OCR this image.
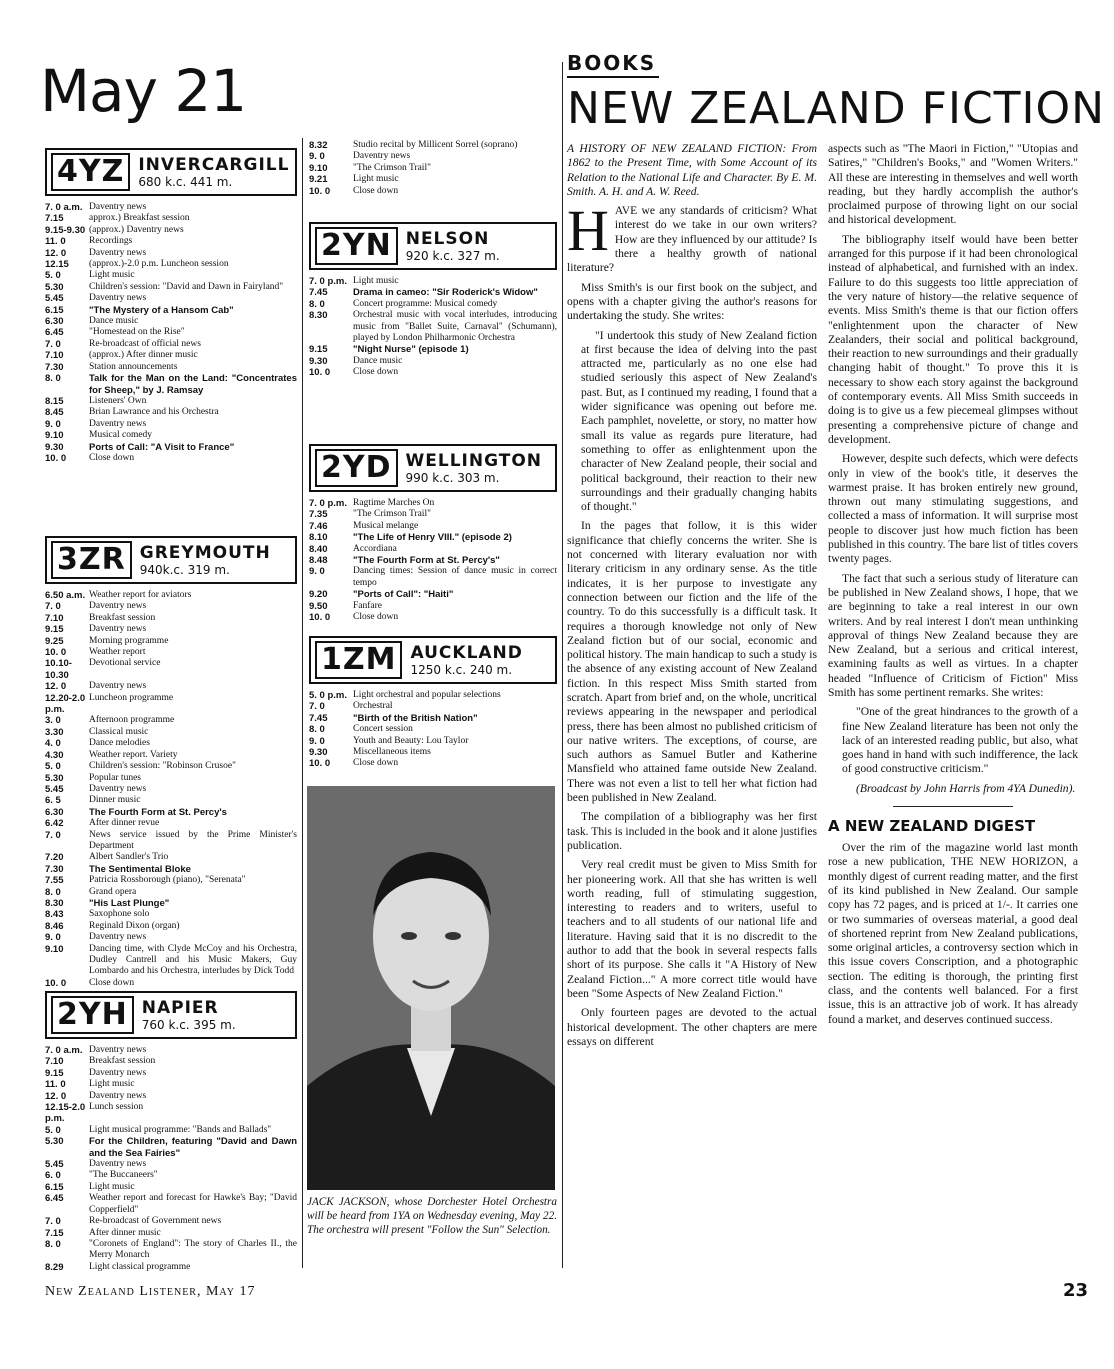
May 21
4YZ INVERCARGILL
680 k.c. 441 m.
7. 0 a.m. Daventry news
7.15	approx.) Breakfast session
9.15-9.30 (approx.) Daventry news
11. 0	Recordings
12. 0	Daventry news
12.15	(approx.)-2.0 p.m. Luncheon session
5. 0	Light music
5.30	Children's session: "David and Dawn in Fairyland"
5.45	Daventry news
6.15	"The Mystery of a Hansom Cab"
6.30	Dance music
6.45	"Homestead on the Rise"
7. 0	Re-broadcast of official news
7.10	(approx.) After dinner music
7.30	Station announcements
8. 0	Talk for the Man on the Land: "Concentrates for Sheep," by J. Ramsay
8.15	Listeners' Own
8.45	Brian Lawrance and his Orchestra
9. 0	Daventry news
9.10	Musical comedy
9.30	Ports of Call: "A Visit to France"
10. 0	Close down
3ZR GREYMOUTH
940k.c. 319 m.
6.50 a.m. Weather report for aviators
7. 0	Daventry news
7.10	Breakfast session
9.15	Daventry news
9.25	Morning programme
10. 0	Weather report
10.10-10.30
Devotional service
12. 0	Daventry news
12.20-2.0 p.m.
Luncheon programme
3. 0	Afternoon programme
3.30	Classical music
4. 0	Dance melodies
4.30	Weather report. Variety
5. 0	Children's session: "Robinson Crusoe"
5.30	Popular tunes
5.45	Daventry news
6. 5	Dinner music
6.30	The Fourth Form at St. Percy's
6.42	After dinner revue
7. 0	News service issued by the Prime Minister's Department
7.20	Albert Sandler's Trio
7.30	The Sentimental Bloke
7.55	Patricia Rossborough (piano), "Serenata"
8. 0	Grand opera
8.30	"His Last Plunge"
8.43	Saxophone solo
8.46	Reginald Dixon (organ)
9. 0	Daventry news
9.10	Dancing time, with Clyde McCoy and his Orchestra, Dudley Cantrell and his Music Makers, Guy Lombardo and his Orchestra, interludes by Dick Todd
10. 0	Close down
2YH NAPIER
760 k.c. 395 m.
7. 0 a.m. Daventry news
7.10	Breakfast session
9.15	Daventry news
11. 0	Light music
12. 0	Daventry news
12.15-2.0 p.m.
Lunch session
5. 0	Light musical programme: "Bands and Ballads"
5.30	For the Children, featuring "David and Dawn and the Sea Fairies"
5.45	Daventry news
6. 0	"The Buccaneers"
6.15	Light music
6.45	Weather report and forecast for Hawke's Bay; "David Copperfield"
7. 0	Re-broadcast of Government news
7.15	After dinner music
8. 0	"Coronets of England": The story of Charles II., the Merry Monarch
8.29	Light classical programme
8.32	Studio recital by Millicent Sorrel (soprano)
9. 0	Daventry news
9.10	"The Crimson Trail"
9.21	Light music
10. 0	Close down
2YN NELSON
920 k.c. 327 m.
7. 0 p.m. Light music
7.45	Drama in cameo: "Sir Roderick's Widow"
8. 0	Concert programme: Musical comedy
8.30	Orchestral music with vocal interludes, introducing music from "Ballet Suite, Carnaval" (Schumann), played by London Philharmonic Orchestra
9.15	"Night Nurse" (episode 1)
9.30	Dance music
10. 0	Close down
2YD WELLINGTON
990 k.c. 303 m.
7. 0 p.m. Ragtime Marches On
7.35	"The Crimson Trail"
7.46	Musical melange
8.10	"The Life of Henry VIII." (episode 2)
8.40	Accordiana
8.48	"The Fourth Form at St. Percy's"
9. 0	Dancing times: Session of dance music in correct tempo
9.20	"Ports of Call": "Haiti"
9.50	Fanfare
10. 0	Close down
1ZM AUCKLAND
1250 k.c. 240 m.
5. 0 p.m. Light orchestral and popular selections
7. 0	Orchestral
7.45	"Birth of the British Nation"
8. 0	Concert session
9. 0	Youth and Beauty: Lou Taylor
9.30	Miscellaneous items
10. 0	Close down
JACK JACKSON, whose Dorchester Hotel Orchestra will be heard from 1YA on Wednesday evening, May 22. The orchestra will present "Follow the Sun" Selection.
BOOKS
NEW ZEALAND FICTION

A HISTORY OF NEW ZEALAND FICTION: From 1862 to the Present Time, with Some Account of its Relation to the National Life and Character. By E. M. Smith. A. H. and A. W. Reed.

HAVE we any standards of criticism? What interest do we take in our own writers? How are they influenced by our attitude? Is there a healthy growth of national literature?

Miss Smith's is our first book on the subject, and opens with a chapter giving the author's reasons for undertaking the study. She writes:

"I undertook this study of New Zealand fiction at first because the idea of delving into the past attracted me, particularly as no one else had studied seriously this aspect of New Zealand's past. But, as I continued my reading, I found that a wider significance was opening out before me. Each pamphlet, novelette, or story, no matter how small its value as regards pure literature, had something to offer as enlightenment upon the character of New Zealand people, their social and political background, their reaction to their new surroundings and their gradually changing habits of thought."

In the pages that follow, it is this wider significance that chiefly concerns the writer. She is not concerned with literary evaluation nor with literary criticism in any ordinary sense. As the title indicates, it is her purpose to investigate any connection between our fiction and the life of the country. To do this successfully is a difficult task. It requires a thorough knowledge not only of New Zealand fiction but of our social, economic and political history. The main handicap to such a study is the absence of any existing account of New Zealand fiction. In this respect Miss Smith started from scratch. Apart from brief and, on the whole, uncritical reviews appearing in the newspaper and periodical press, there has been almost no published criticism of our native writers. The exceptions, of course, are such authors as Samuel Butler and Katherine Mansfield who attained fame outside New Zealand. There was not even a list to tell her what fiction had been published in New Zealand.

The compilation of a bibliography was her first task. This is included in the book and it alone justifies publication.

Very real credit must be given to Miss Smith for her pioneering work. All that she has written is well worth reading, full of stimulating suggestion, interesting to readers and to writers, useful to teachers and to all students of our national life and literature. Having said that it is no discredit to the author to add that the book in several respects falls short of its purpose. She calls it "A History of New Zealand Fiction..." A more correct title would have been "Some Aspects of New Zealand Fiction."

Only fourteen pages are devoted to the actual historical development. The other chapters are mere essays on different

aspects such as "The Maori in Fiction," "Utopias and Satires," "Children's Books," and "Women Writers." All these are interesting in themselves and well worth reading, but they hardly accomplish the author's proclaimed purpose of throwing light on our social and historical development.

The bibliography itself would have been better arranged for this purpose if it had been chronological instead of alphabetical, and furnished with an index. Failure to do this suggests too little appreciation of the very nature of history—the relative sequence of events. Miss Smith's theme is that our fiction offers "enlightenment upon the character of New Zealanders, their social and political background, their reaction to new surroundings and their gradually changing habit of thought." To prove this it is necessary to show each story against the background of contemporary events. All Miss Smith succeeds in doing is to give us a few piecemeal glimpses without presenting a comprehensive picture of change and development.

However, despite such defects, which were defects only in view of the book's title, it deserves the warmest praise. It has broken entirely new ground, thrown out many stimulating suggestions, and collected a mass of information. It will surprise most people to discover just how much fiction has been published in this country. The bare list of titles covers twenty pages.

The fact that such a serious study of literature can be published in New Zealand shows, I hope, that we are beginning to take a real interest in our own writers. And by real interest I don't mean unthinking approval of things New Zealand because they are New Zealand, but a serious and critical interest, examining faults as well as virtues. In a chapter headed "Influence of Criticism of Fiction" Miss Smith has some pertinent remarks. She writes:

"One of the great hindrances to the growth of a fine New Zealand literature has been not only the lack of an interested reading public, but also, what goes hand in hand with such indifference, the lack of good constructive criticism."

(Broadcast by John Harris from 4YA Dunedin).

A NEW ZEALAND DIGEST

Over the rim of the magazine world last month rose a new publication, THE NEW HORIZON, a monthly digest of current reading matter, and the first of its kind published in New Zealand. Our sample copy has 72 pages, and is priced at 1/-. It carries one or two summaries of overseas material, a good deal of shortened reprint from New Zealand publications, some original articles, a controversy section which in this issue covers Conscription, and a photographic section. The editing is thorough, the printing first class, and the contents well balanced. For a first issue, this is an attractive job of work. It has already found a market, and deserves continued success.

New Zealand Listener, May 17	23
